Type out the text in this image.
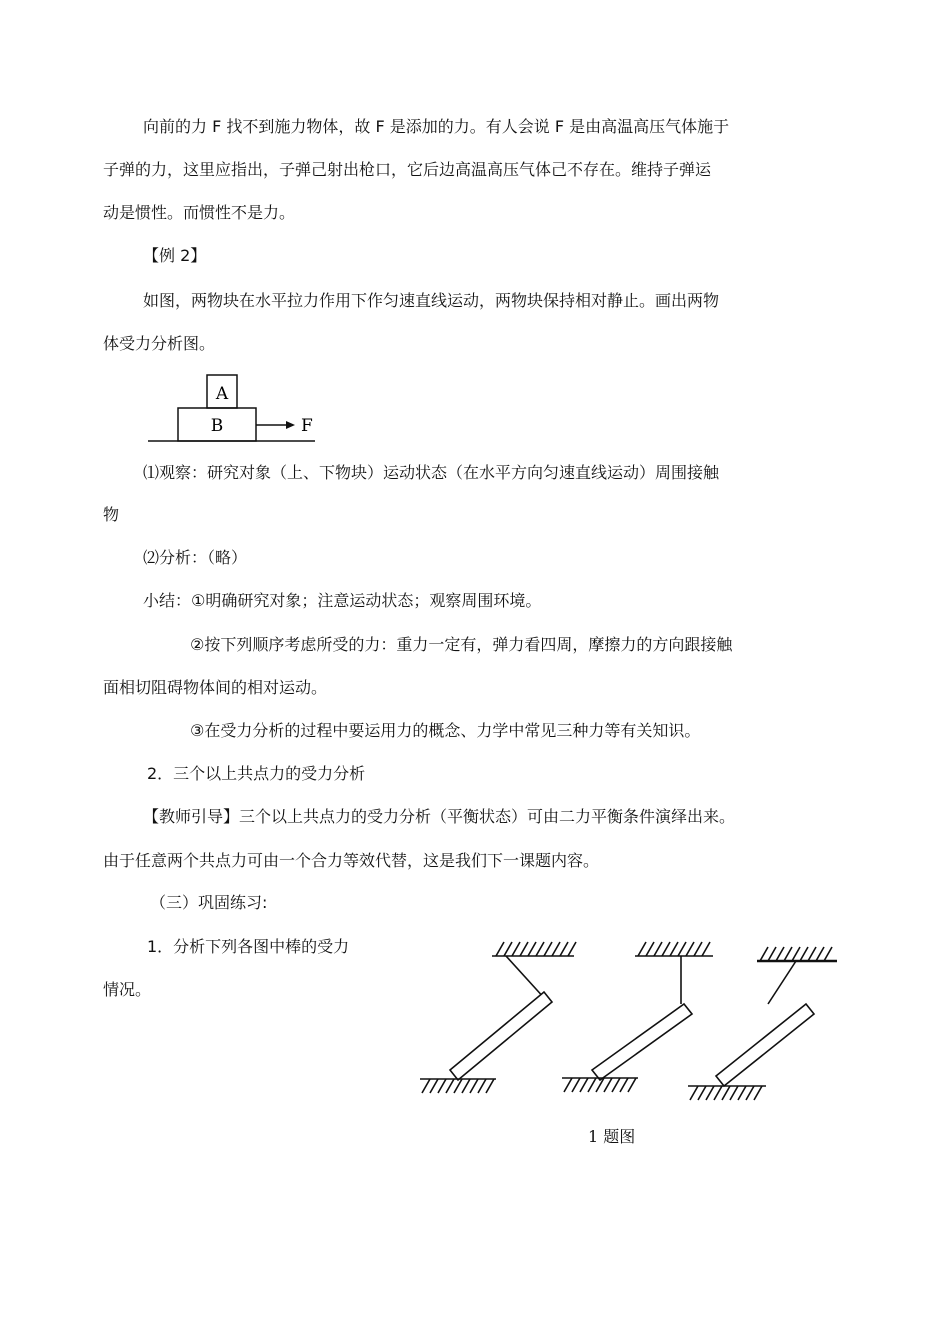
向前的力 F 找不到施力物体，故 F 是添加的力。有人会说 F 是由高温高压气体施于
子弹的力，这里应指出，子弹己射出枪口，它后边高温高压气体己不存在。维持子弹运
动是惯性。而惯性不是力。
【例 2】
如图，两物块在水平拉力作用下作匀速直线运动，两物块保持相对静止。画出两物
体受力分析图。
A
B	F
⑴观察：研究对象（上、下物块）运动状态（在水平方向匀速直线运动）周围接触
物
⑵分析：（略）
小结：①明确研究对象；注意运动状态；观察周围环境。
②按下列顺序考虑所受的力：重力一定有，弹力看四周，摩擦力的方向跟接触
面相切阻碍物体间的相对运动。
③在受力分析的过程中要运用力的概念、力学中常见三种力等有关知识。
2．三个以上共点力的受力分析
【教师引导】三个以上共点力的受力分析（平衡状态）可由二力平衡条件演绎出来。
由于任意两个共点力可由一个合力等效代替，这是我们下一课题内容。
（三）巩固练习:
1．分析下列各图中棒的受力
情况。
1 题图
